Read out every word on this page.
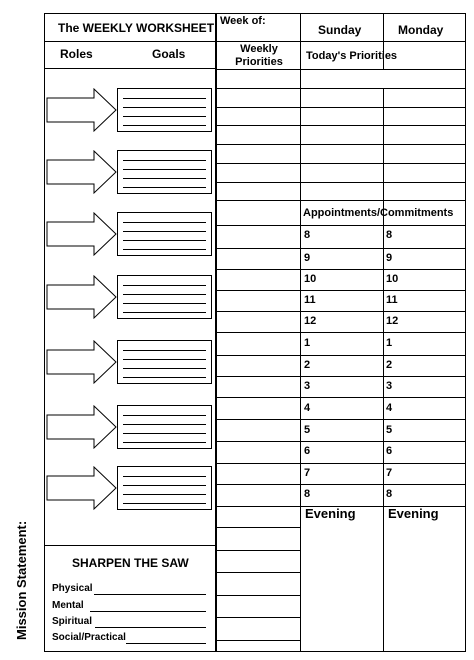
Mission Statement:
The WEEKLY WORKSHEET
Roles	Goals
SHARPEN THE SAW
Physical
Mental
Spiritual
Social/Practical
Week of:
Sunday	Monday
Weekly Priorities	Today's Priorities
Appointments/Commitments
Evening Evening
8	8
9	9
10	10
11	11
12	12
1	1
2	2
3	3
4	4
5	5
6	6
7	7
8	8
